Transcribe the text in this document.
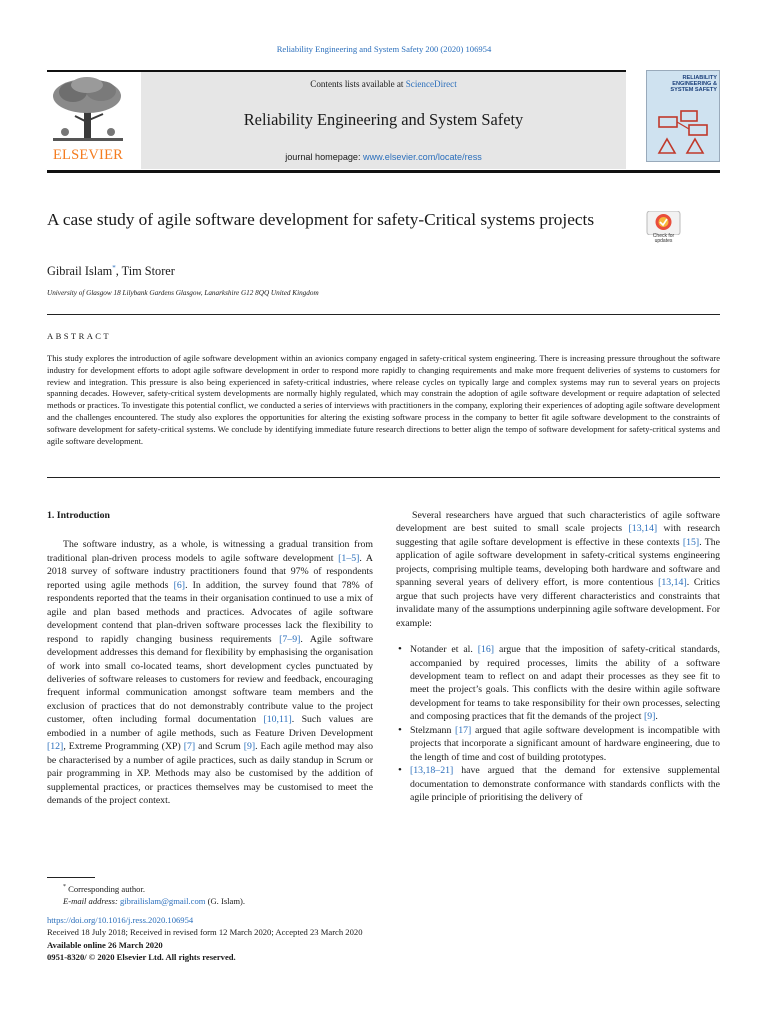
Reliability Engineering and System Safety 200 (2020) 106954
ELSEVIER
Contents lists available at ScienceDirect
Reliability Engineering and System Safety
journal homepage: www.elsevier.com/locate/ress
RELIABILITY ENGINEERING & SYSTEM SAFETY
A case study of agile software development for safety-Critical systems projects
Check for updates
Gibrail Islam*, Tim Storer
University of Glasgow 18 Lilybank Gardens Glasgow, Lanarkshire G12 8QQ United Kingdom
ABSTRACT

This study explores the introduction of agile software development within an avionics company engaged in safety-critical system engineering. There is increasing pressure throughout the software industry for development efforts to adopt agile software development in order to respond more rapidly to changing requirements and make more frequent deliveries of systems to customers for review and integration. This pressure is also being experienced in safety-critical industries, where release cycles on typically large and complex systems may run to several years on projects spanning decades. However, safety-critical system developments are normally highly regulated, which may constrain the adoption of agile software development or require adaptation of selected methods or practices. To investigate this potential conflict, we conducted a series of interviews with practitioners in the company, exploring their experiences of adopting agile software development and the challenges encountered. The study also explores the opportunities for altering the existing software process in the company to better fit agile software development to the constraints of software development for safety-critical systems. We conclude by identifying immediate future research directions to better align the tempo of software development for safety-critical systems and agile software development.

1. Introduction

The software industry, as a whole, is witnessing a gradual transition from traditional plan-driven process models to agile software development [1–5]. A 2018 survey of software industry practitioners found that 97% of respondents reported using agile methods [6]. In addition, the survey found that 78% of respondents reported that the teams in their organisation continued to use a mix of agile and plan based methods and practices. Advocates of agile software development contend that plan-driven software processes lack the flexibility to respond to rapidly changing business requirements [7–9]. Agile software development addresses this demand for flexibility by emphasising the organisation of work into small co-located teams, short development cycles punctuated by deliveries of software releases to customers for review and feedback, encouraging frequent informal communication amongst software team members and the exclusion of practices that do not demonstrably contribute value to the project customer, often including formal documentation [10,11]. Such values are embodied in a number of agile methods, such as Feature Driven Development [12], Extreme Programming (XP) [7] and Scrum [9]. Each agile method may also be characterised by a number of agile practices, such as daily standup in Scrum or pair programming in XP. Methods may also be customised by the addition of supplemental practices, or practices themselves may be customised to meet the demands of the project context.

Several researchers have argued that such characteristics of agile software development are best suited to small scale projects [13,14] with research suggesting that agile softare development is effective in these contexts [15]. The application of agile software development in safety-critical systems engineering projects, comprising multiple teams, developing both hardware and software and spanning several years of delivery effort, is more contentious [13,14]. Critics argue that such projects have very different characteristics and constraints that invalidate many of the assumptions underpinning agile software development. For example:

• Notander et al. [16] argue that the imposition of safety-critical standards, accompanied by required processes, limits the ability of a software development team to reflect on and adapt their processes as they see fit to meet the project’s goals. This conflicts with the desire within agile software development for teams to take responsibility for their own processes, selecting and composing practices that fit the demands of the project [9].
• Stelzmann [17] argued that agile software development is incompatible with projects that incorporate a significant amount of hardware engineering, due to the length of time and cost of building prototypes.
• [13,18–21] have argued that the demand for extensive supplemental documentation to demonstrate conformance with standards conflicts with the agile principle of prioritising the delivery of
* Corresponding author.
E-mail address: gibrailislam@gmail.com (G. Islam).
https://doi.org/10.1016/j.ress.2020.106954
Received 18 July 2018; Received in revised form 12 March 2020; Accepted 23 March 2020
Available online 26 March 2020
0951-8320/ © 2020 Elsevier Ltd. All rights reserved.
